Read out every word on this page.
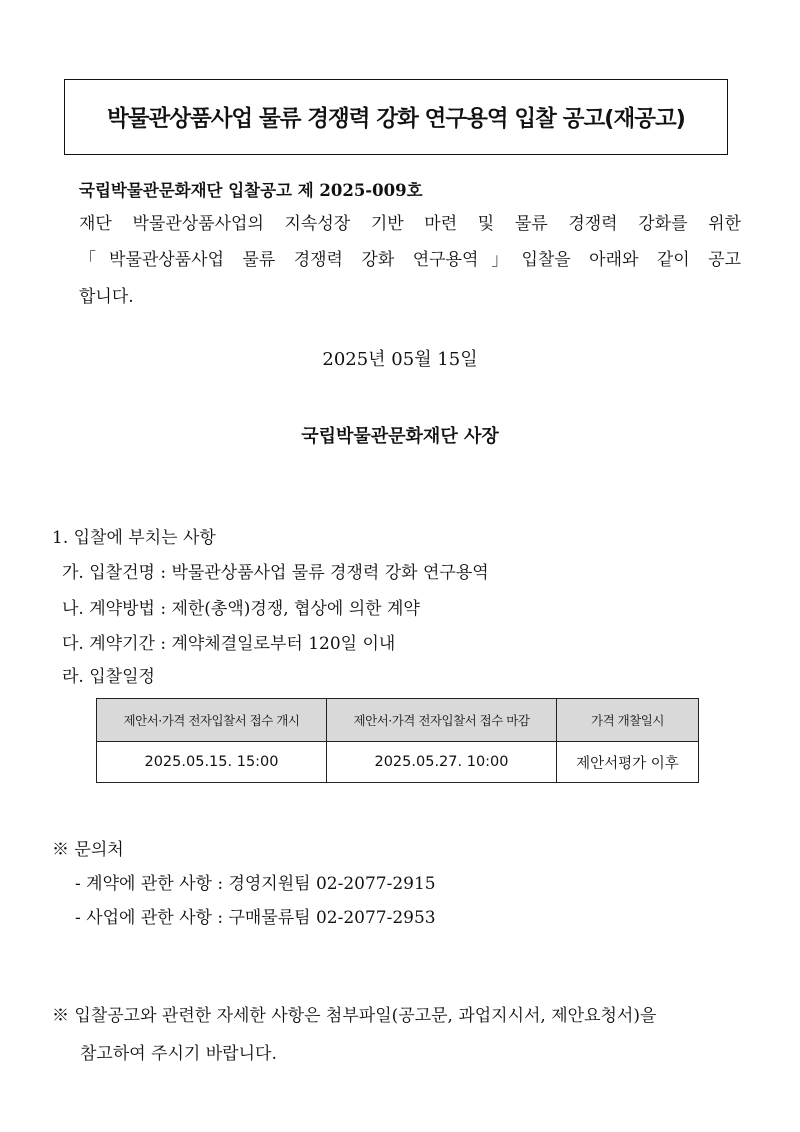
박물관상품사업 물류 경쟁력 강화 연구용역 입찰 공고(재공고)
국립박물관문화재단 입찰공고 제 2025-009호
재단 박물관상품사업의 지속성장 기반 마련 및 물류 경쟁력 강화를 위한
「박물관상품사업 물류 경쟁력 강화 연구용역」입찰을 아래와 같이 공고
합니다.
2025년 05월 15일
국립박물관문화재단 사장
1. 입찰에 부치는 사항
가. 입찰건명 : 박물관상품사업 물류 경쟁력 강화 연구용역
나. 계약방법 : 제한(총액)경쟁, 협상에 의한 계약
다. 계약기간 : 계약체결일로부터 120일 이내
라. 입찰일정
제안서·가격 전자입찰서 접수 개시	제안서·가격 전자입찰서 접수 마감	가격 개찰일시
2025.05.15. 15:00	2025.05.27. 10:00	제안서평가 이후
※ 문의처
- 계약에 관한 사항 : 경영지원팀 02-2077-2915
- 사업에 관한 사항 : 구매물류팀 02-2077-2953
※ 입찰공고와 관련한 자세한 사항은 첨부파일(공고문, 과업지시서, 제안요청서)을
참고하여 주시기 바랍니다.
